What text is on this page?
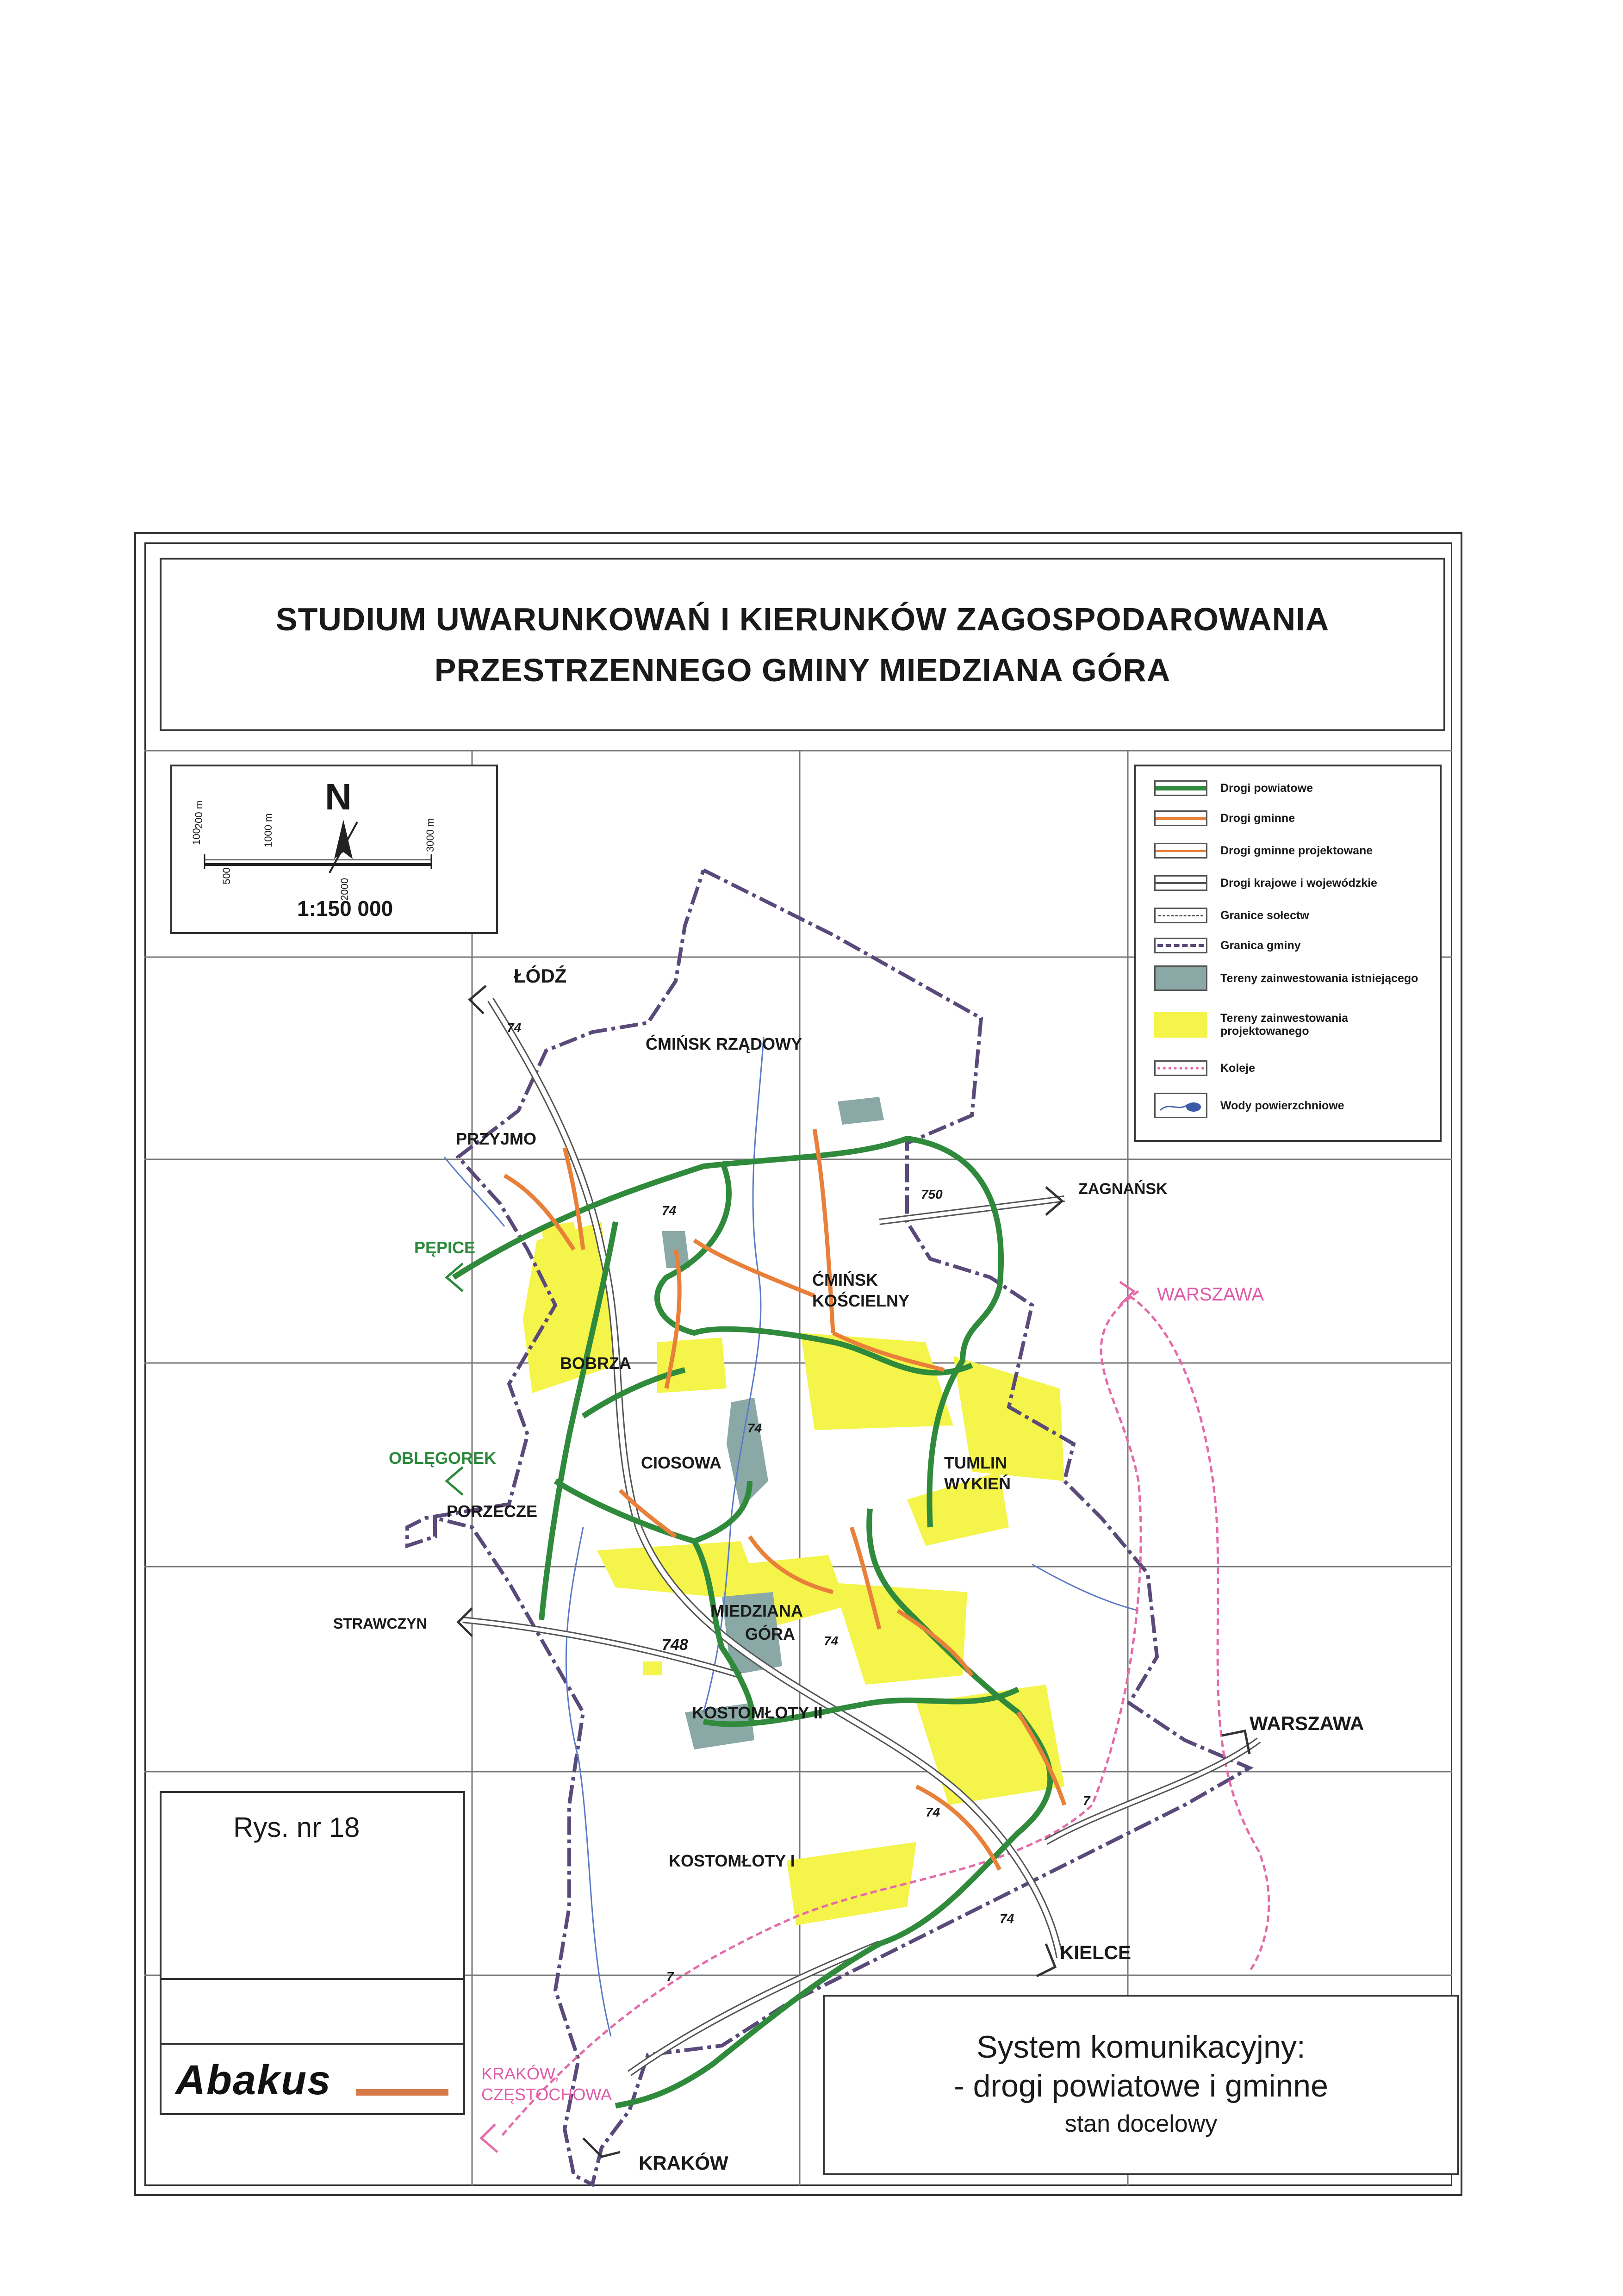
STUDIUM UWARUNKOWAŃ I KIERUNKÓW ZAGOSPODAROWANIA
PRZESTRZENNEGO GMINY MIEDZIANA GÓRA
N
100
200 m
500
1000 m
2000
3000 m
1:150 000
Drogi powiatowe
Drogi gminne
Drogi gminne projektowane
Drogi krajowe i wojewódzkie
Granice sołectw
Granica gminy
Tereny zainwestowania istniejącego
Tereny zainwestowania projektowanego
Koleje
Wody powierzchniowe
ŁÓDŹ
ĆMIŃSK RZĄDOWY
PRZYJMO
PĘPICE
ZAGNAŃSK
ĆMIŃSK
KOŚCIELNY	WARSZAWA
BOBRZA
OBLĘGOREK	CIOSOWA
PORZECZE
TUMLIN
WYKIEŃ
STRAWCZYN
MIEDZIANA
GÓRA
KOSTOMŁOTY II	WARSZAWA
KOSTOMŁOTY I
KIELCE
KRAKÓW,
CZĘSTOCHOWA
KRAKÓW
74
74
74
74
74
74
750
748
7
7
Rys. nr 18
Abakus
System komunikacyjny:
- drogi powiatowe i gminne
stan docelowy
